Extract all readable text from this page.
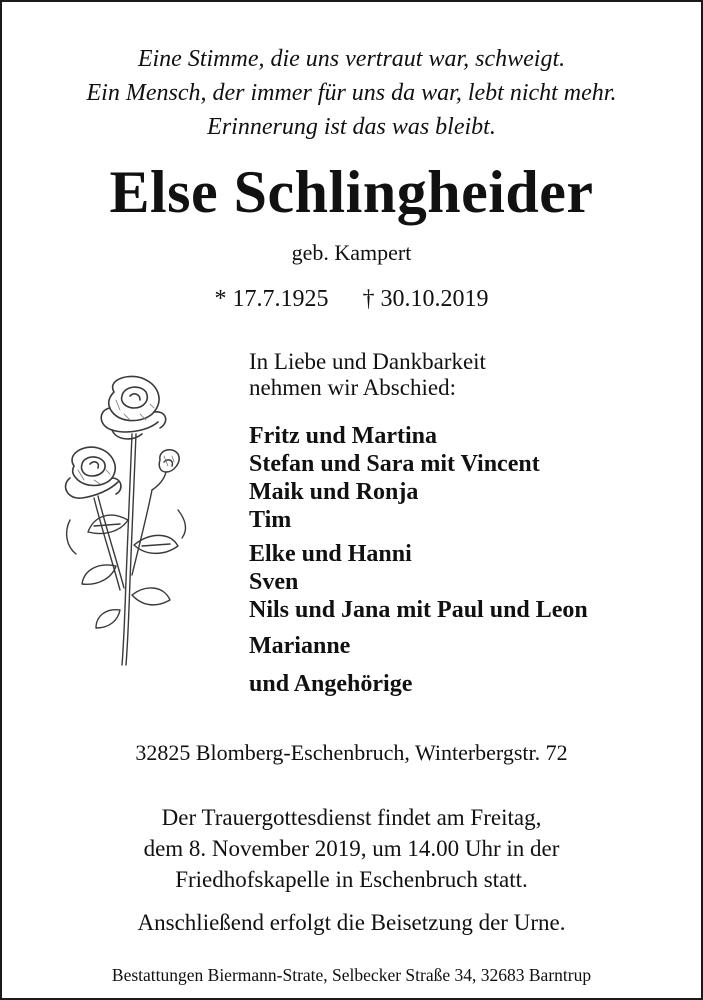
Eine Stimme, die uns vertraut war, schweigt.
Ein Mensch, der immer für uns da war, lebt nicht mehr.
Erinnerung ist das was bleibt.
Else Schlingheider
geb. Kampert
* 17.7.1925 † 30.10.2019
In Liebe und Dankbarkeit
nehmen wir Abschied:
Fritz und Martina
Stefan und Sara mit Vincent
Maik und Ronja
Tim
Elke und Hanni
Sven
Nils und Jana mit Paul und Leon
Marianne
und Angehörige
32825 Blomberg-Eschenbruch, Winterbergstr. 72
Der Trauergottesdienst findet am Freitag,
dem 8. November 2019, um 14.00 Uhr in der
Friedhofskapelle in Eschenbruch statt.
Anschließend erfolgt die Beisetzung der Urne.
Bestattungen Biermann-Strate, Selbecker Straße 34, 32683 Barntrup
